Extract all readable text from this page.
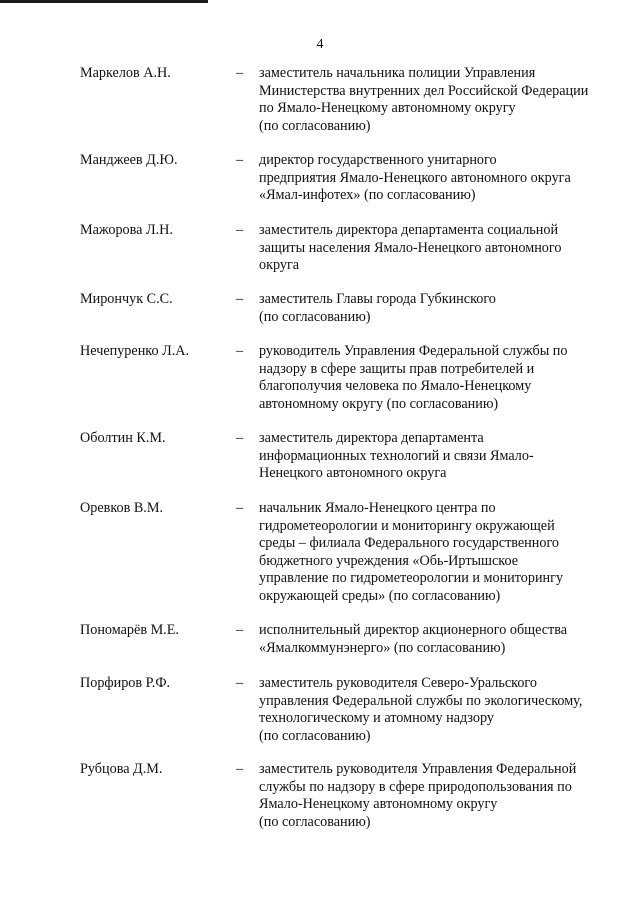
4
Маркелов А.Н.	– заместитель начальника полиции Управления
Министерства внутренних дел Российской Федерации
по Ямало-Ненецкому автономному округу
(по согласованию)
Манджеев Д.Ю.	– директор государственного унитарного
предприятия Ямало-Ненецкого автономного округа
«Ямал-инфотех» (по согласованию)
Мажорова Л.Н.	– заместитель директора департамента социальной
защиты населения Ямало-Ненецкого автономного
округа
Мирончук С.С.	– заместитель Главы города Губкинского
(по согласованию)
Нечепуренко Л.А.	– руководитель Управления Федеральной службы по
надзору в сфере защиты прав потребителей и
благополучия человека по Ямало-Ненецкому
автономному округу (по согласованию)
Оболтин К.М.	– заместитель директора департамента
информационных технологий и связи Ямало-
Ненецкого автономного округа
Оревков В.М.	– начальник Ямало-Ненецкого центра по
гидрометеорологии и мониторингу окружающей
среды – филиала Федерального государственного
бюджетного учреждения «Обь-Иртышское
управление по гидрометеорологии и мониторингу
окружающей среды» (по согласованию)
Пономарёв М.Е.	– исполнительный директор акционерного общества
«Ямалкоммунэнерго» (по согласованию)
Порфиров Р.Ф.	– заместитель руководителя Северо-Уральского
управления Федеральной службы по экологическому,
технологическому и атомному надзору
(по согласованию)
Рубцова Д.М.	– заместитель руководителя Управления Федеральной
службы по надзору в сфере природопользования по
Ямало-Ненецкому автономному округу
(по согласованию)
